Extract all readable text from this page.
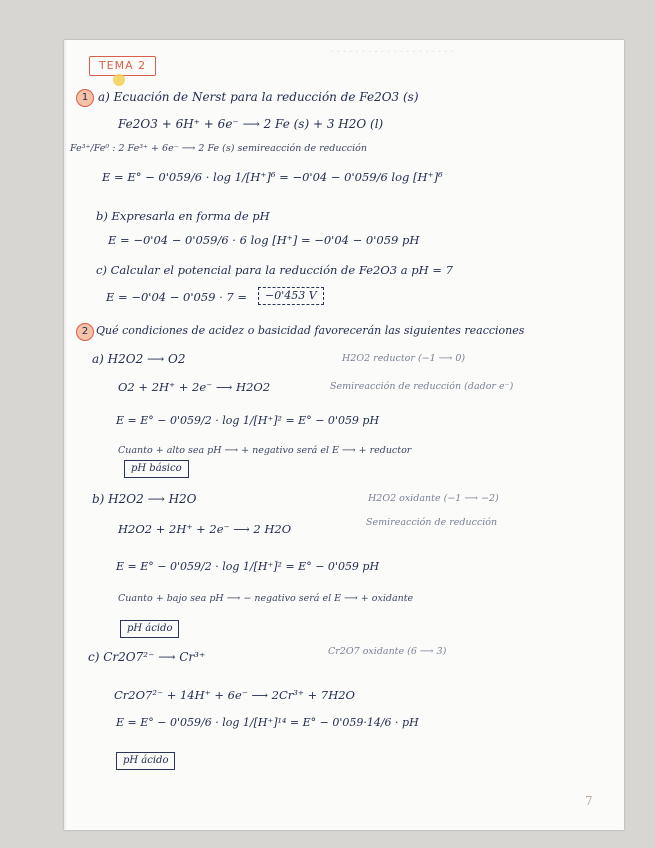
. . . . . . . . . . . . . . . . . . . .
TEMA 2
1 a) Ecuación de Nerst para la reducción de Fe2O3 (s)
Fe2O3 + 6H⁺ + 6e⁻ ⟶ 2 Fe (s) + 3 H2O (l)
Fe³⁺/Fe⁰ : 2 Fe³⁺ + 6e⁻ ⟶ 2 Fe (s) semireacción de reducción
E = E° − 0'059/6 · log 1/[H⁺]⁶ = −0'04 − 0'059/6 log [H⁺]⁶
b) Expresarla en forma de pH
E = −0'04 − 0'059/6 · 6 log [H⁺] = −0'04 − 0'059 pH
c) Calcular el potencial para la reducción de Fe2O3 a pH = 7
E = −0'04 − 0'059 · 7 =	−0'453 V
2 Qué condiciones de acidez o basicidad favorecerán las siguientes reacciones
a) H2O2 ⟶ O2	H2O2 reductor (−1 ⟶ 0)
O2 + 2H⁺ + 2e⁻ ⟶ H2O2	Semireacción de reducción (dador e⁻)
E = E° − 0'059/2 · log 1/[H⁺]² = E° − 0'059 pH
Cuanto + alto sea pH ⟶ + negativo será el E ⟶ + reductor
pH básico
b) H2O2 ⟶ H2O	H2O2 oxidante (−1 ⟶ −2)
H2O2 + 2H⁺ + 2e⁻ ⟶ 2 H2O	Semireacción de reducción
E = E° − 0'059/2 · log 1/[H⁺]² = E° − 0'059 pH
Cuanto + bajo sea pH ⟶ − negativo será el E ⟶ + oxidante
pH ácido
c) Cr2O7²⁻ ⟶ Cr³⁺	Cr2O7 oxidante (6 ⟶ 3)
Cr2O7²⁻ + 14H⁺ + 6e⁻ ⟶ 2Cr³⁺ + 7H2O
E = E° − 0'059/6 · log 1/[H⁺]¹⁴ = E° − 0'059·14/6 · pH
pH ácido
7
